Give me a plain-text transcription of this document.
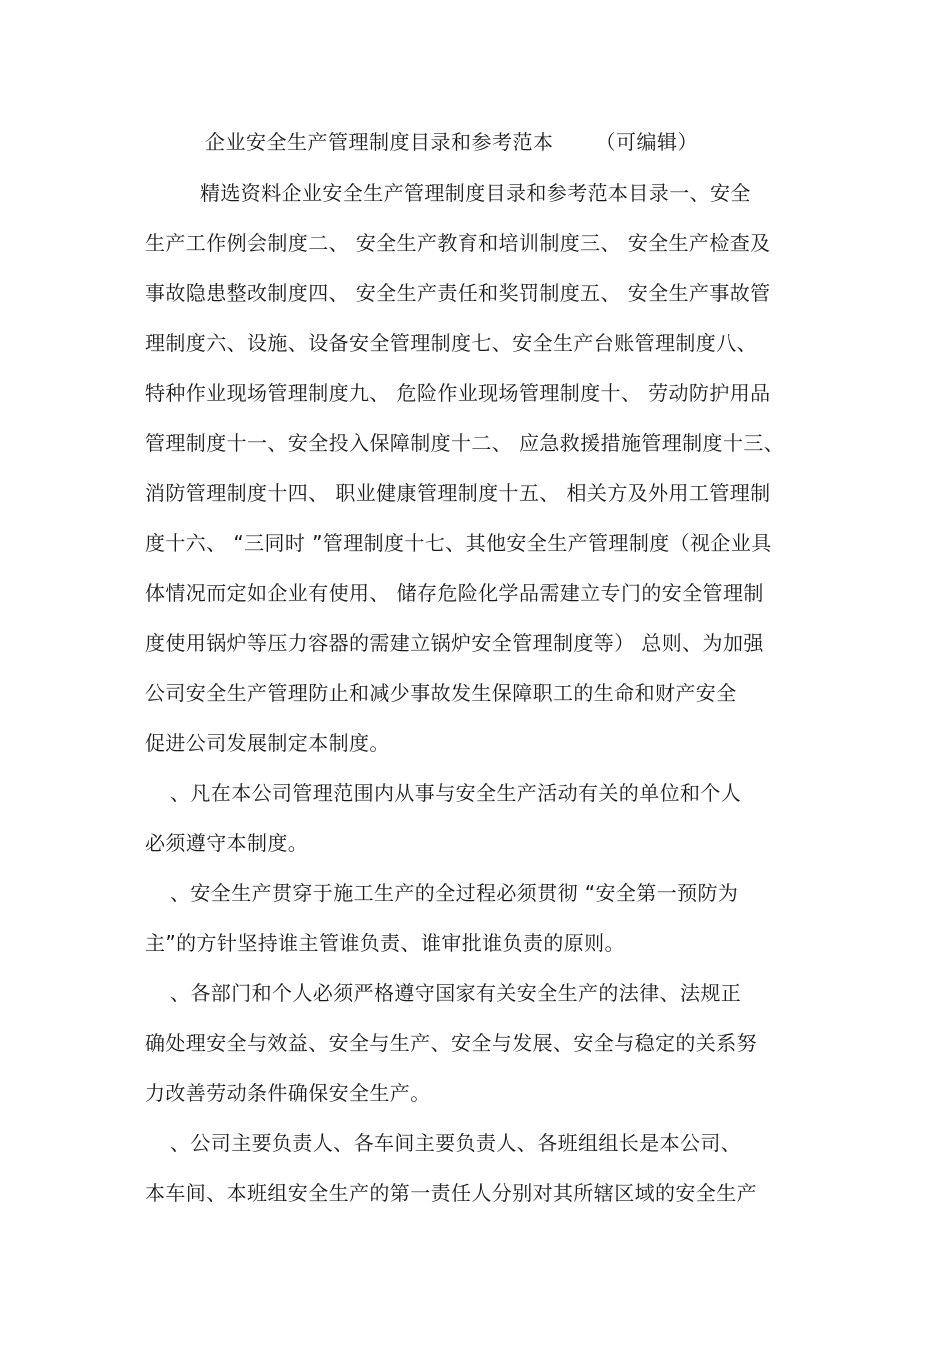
企业安全生产管理制度目录和参考范本 （可编辑）
精选资料企业安全生产管理制度目录和参考范本目录一、安全
生产工作例会制度二、 安全生产教育和培训制度三、 安全生产检查及
事故隐患整改制度四、 安全生产责任和奖罚制度五、 安全生产事故管
理制度六、设施、设备安全管理制度七、安全生产台账管理制度八、
特种作业现场管理制度九、 危险作业现场管理制度十、 劳动防护用品
管理制度十一、安全投入保障制度十二、 应急救援措施管理制度十三、
消防管理制度十四、 职业健康管理制度十五、 相关方及外用工管理制
度十六、 “三同时 ”管理制度十七、其他安全生产管理制度（视企业具
体情况而定如企业有使用、 储存危险化学品需建立专门的安全管理制
度使用锅炉等压力容器的需建立锅炉安全管理制度等） 总则、为加强
公司安全生产管理防止和减少事故发生保障职工的生命和财产安全
促进公司发展制定本制度。
、凡在本公司管理范围内从事与安全生产活动有关的单位和个人
必须遵守本制度。
、安全生产贯穿于施工生产的全过程必须贯彻 “安全第一预防为
主”的方针坚持谁主管谁负责、谁审批谁负责的原则。
、各部门和个人必须严格遵守国家有关安全生产的法律、法规正
确处理安全与效益、安全与生产、安全与发展、安全与稳定的关系努
力改善劳动条件确保安全生产。
、公司主要负责人、各车间主要负责人、各班组组长是本公司、
本车间、本班组安全生产的第一责任人分别对其所辖区域的安全生产
